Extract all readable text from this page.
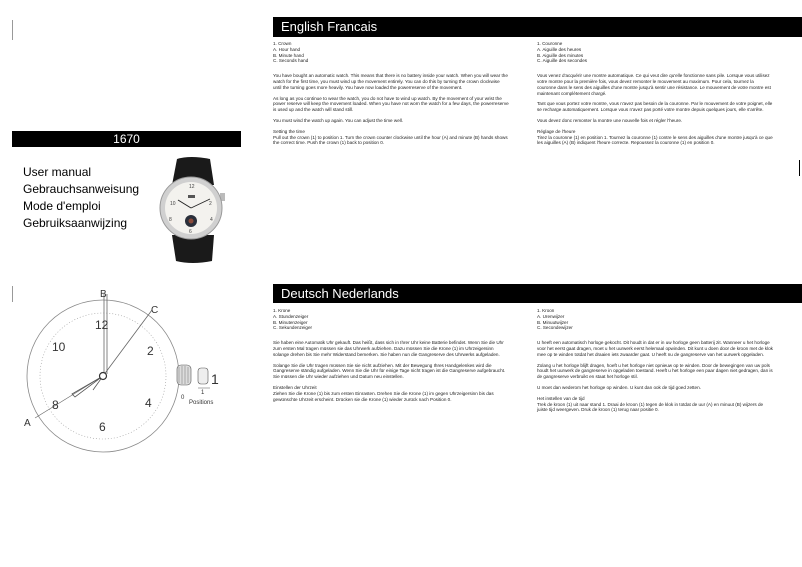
1670
User manual
Gebrauchsanweisung
Mode d'emploi
Gebruiksaanwijzing
12
10	2
8	4
6
B
C
A
12
10	2
8	4
6
0
1
1
Positions
English Francais
1. Crown
A. Hour hand
B. Minute hand
C. Seconds hand

You have bought an automatic watch. This means that there is no battery inside your watch. When you will wear the watch for the first time, you must wind up the movement entirely. You can do this by turning the crown clockwise until the turning goes more heavily. You have now loaded the powerreserve of the movement.

As long as you continue to wear the watch, you do not have to wind up watch. By the movement of your wrist the power reserve will keep the movement loaded. When you have not worn the watch for a few days, the powerreserve is used up and the watch will stand still.

You must wind the watch up again. You can adjust the time well.

Setting the time

Pull out the crown (1) to position 1. Turn the crown counter clockwise until the hour (A) and minute (B) hands shows the correct time. Push the crown (1) back to position 0.

1. Couronne
A. Aiguille des heures
B. Aiguille des minutes
C. Aiguille des secondes

Vous venez d'acquérir une montre automatique. Ce qui veut dire qu'elle fonctionne sans pile. Lorsque vous utilisez votre montre pour la première fois, vous devez remonter le mouvement au maximum. Pour cela, tournez la couronne dans le sens des aiguilles d'une montre jusqu'à sentir une résistance. Le mouvement de votre montre est maintenant complètement chargé.

Tant que vous portez votre montre, vous n'avez pas besoin de la couronne. Par le mouvement de votre poignet, elle se recharge automatiquement. Lorsque vous n'avez pas porté votre montre depuis quelques jours, elle s'arrête.

Vous devez donc remonter la montre une nouvelle fois et régler l'heure.

Réglage de l'heure

Tirez la couronne (1) en position 1. Tournez la couronne (1) contre le sens des aiguilles d'une montre jusqu'à ce que les aiguilles (A) (B) indiquent l'heure correcte. Repoussez la couronne (1) en position 0.

Deutsch Nederlands
1. Krone
A. Stundenzeiger
B. Minutenzeiger
C. Sekundenzeiger

Sie haben eine Automatik Uhr gekauft. Das heißt, dass sich in Ihrer Uhr keine Batterie befindet. Wenn Sie die Uhr zum ersten Mal tragen müssen sie das Uhrwerk aufziehen. Dazu müssen Sie die Krone (1) im Uhrzeigersinn solange drehen bis Sie mehr Widerstand bemerken. Sie haben nun die Gangreserve des Uhrwerks aufgeladen.

Solange Sie die Uhr tragen müssen Sie sie nicht aufziehen. Mit der Bewegung Ihres Handgelenkes wird die Gangreserve ständig aufgeladen. Wenn Sie die Uhr für einige Tage nicht tragen ist die Gangreserve aufgebraucht. Sie müssen die Uhr wieder aufziehen und Datum neu einstellen.

Einstellen der Uhrzeit

Ziehen Sie die Krone (1) bis zum ersten Einrasten. Drehen Sie die Krone (1) im gegen Uhrzeigersinn bis das gewünschte Uhrzeit erscheint. Drücken sie die Krone (1) wieder zurück nach Position 0.

1. Kroon
A. Urenwijzer
B. Minuutwijzer
C. Secondewijzer

U heeft een automatisch horloge gekocht. Dit houdt in dat er in uw horloge geen batterij zit. Wanneer u het horloge voor het eerst gaat dragen, moet u het uurwerk eerst helemaal opwinden. Dit kunt u doen door de kroon met de klok mee op te winden totdat het draaien iets zwaarder gaat. U heeft nu de gangreserve van het uurwerk opgeladen.

Zolang u het horloge blijft dragen, hoeft u het horloge niet opnieuw op te winden. Door de bewegingen van uw pols houdt het uurwerk de gangreserve in opgeladen toestand. Heeft u het horloge een paar dagen niet gedragen, dan is de gangreserve verbruikt en staat het horloge stil.

U moet dan wederom het horloge op winden. U kunt dan ook de tijd goed zetten.

Het instellen van de tijd

Trek de kroon (1) uit naar stand 1. Draai de kroon (1) tegen de klok in totdat de uur (A) en minuut (B) wijzers de juiste tijd weergeven. Druk de kroon (1) terug naar positie 0.
